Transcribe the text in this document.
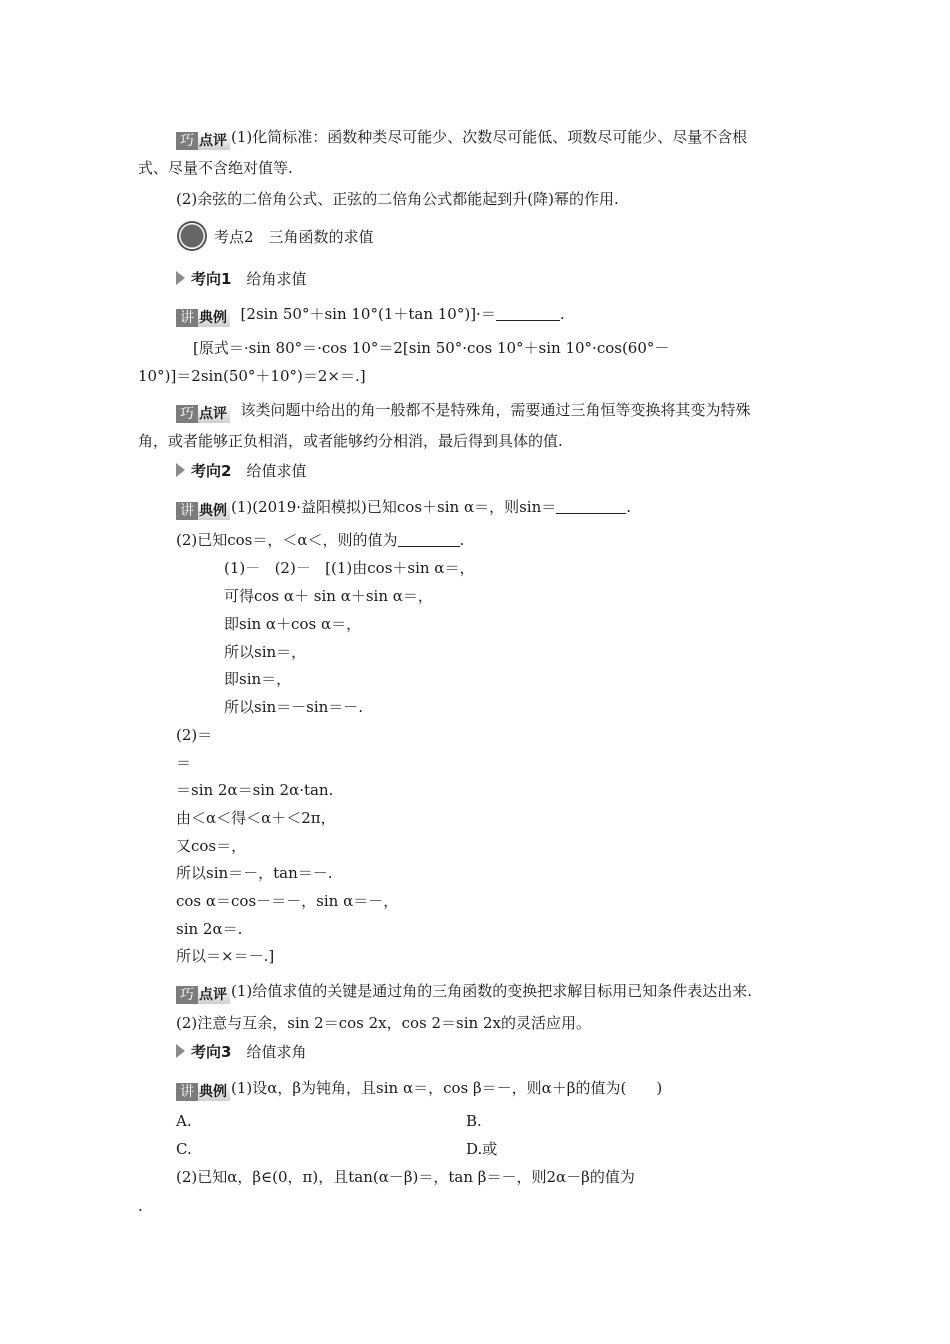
巧 点评 (1)化简标准：函数种类尽可能少、次数尽可能低、项数尽可能少、尽量不含根
式、尽量不含绝对值等.
(2)余弦的二倍角公式、正弦的二倍角公式都能起到升(降)幂的作用.
考点2　三角函数的求值
考向1　 给角求值
讲 典例 [2sin 50°＋sin 10°(1＋tan 10°)]·＝	.
[原式＝·sin 80°＝·cos 10°＝2[sin 50°·cos 10°＋sin 10°·cos(60°－
10°)]＝2sin(50°＋10°)＝2×＝.]
巧 点评 该类问题中给出的角一般都不是特殊角，需要通过三角恒等变换将其变为特殊
角，或者能够正负相消，或者能够约分相消，最后得到具体的值.
考向2　 给值求值
讲 典例 (1)(2019·益阳模拟)已知cos＋sin α＝，则sin＝	.
(2)已知cos＝，＜α＜，则的值为	.
(1)－ (2)－ [(1)由cos＋sin α＝，
可得cos α＋ sin α＋sin α＝，
即sin α＋cos α＝，
所以sin＝，
即sin＝，
所以sin＝－sin＝－.
(2)＝
＝
＝sin 2α＝sin 2α·tan.
由＜α＜得＜α＋＜2π，
又cos＝，
所以sin＝－，tan＝－.
cos α＝cos－＝－，sin α＝－，
sin 2α＝.
所以＝×＝－.]
巧 点评 (1)给值求值的关键是通过角的三角函数的变换把求解目标用已知条件表达出来.
(2)注意与互余，sin 2＝cos 2x，cos 2＝sin 2x的灵活应用。
考向3　 给值求角
讲 典例 (1)设α，β为钝角，且sin α＝，cos β＝－，则α＋β的值为(　　)
A.	B.
C.	D.或
(2)已知α，β∈(0，π)，且tan(α－β)＝，tan β＝－，则2α－β的值为
.
